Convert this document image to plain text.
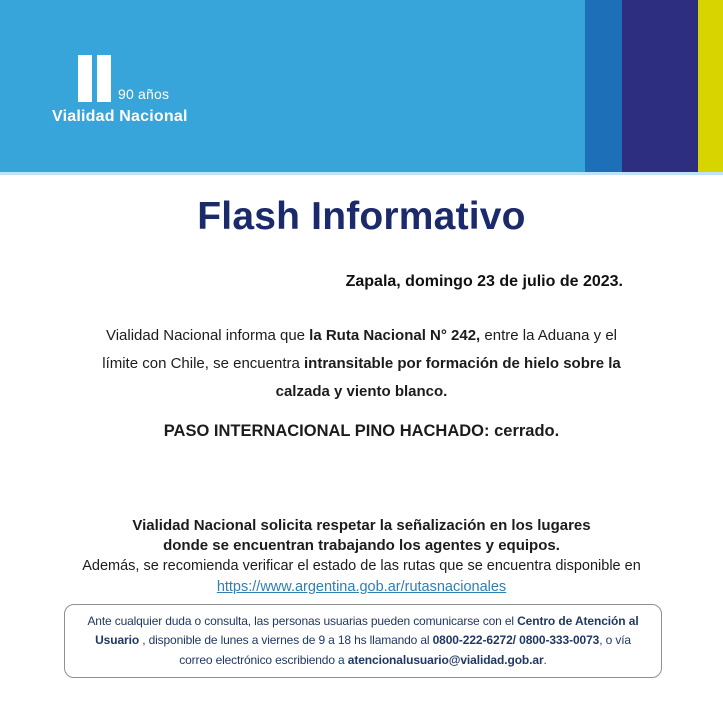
90 años
Vialidad Nacional
Flash Informativo
Zapala, domingo 23 de julio de 2023.
Vialidad Nacional informa que la Ruta Nacional N° 242, entre la Aduana y el
límite con Chile, se encuentra intransitable por formación de hielo sobre la
calzada y viento blanco.
PASO INTERNACIONAL PINO HACHADO: cerrado.
Vialidad Nacional solicita respetar la señalización en los lugares
donde se encuentran trabajando los agentes y equipos.
Además, se recomienda verificar el estado de las rutas que se encuentra disponible en
https://www.argentina.gob.ar/rutasnacionales
Ante cualquier duda o consulta, las personas usuarias pueden comunicarse con el Centro de Atención al Usuario , disponible de lunes a viernes de 9 a 18 hs llamando al 0800-222-6272/ 0800-333-0073, o vía correo electrónico escribiendo a atencionalusuario@vialidad.gob.ar.
